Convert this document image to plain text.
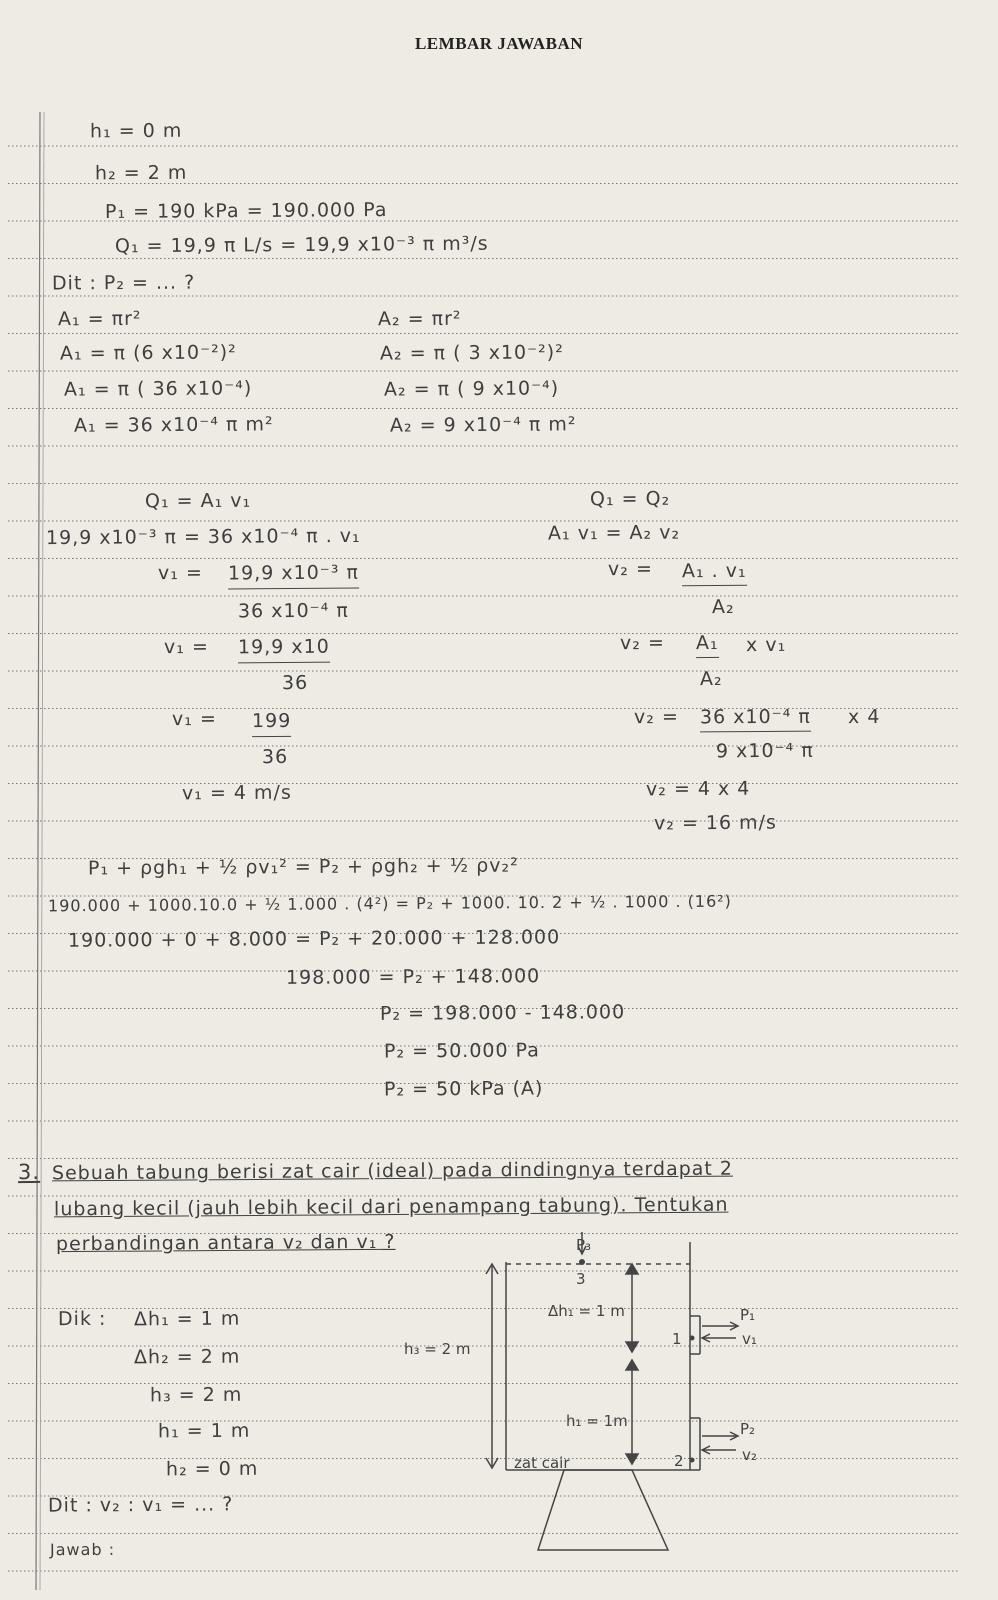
LEMBAR JAWABAN
h₁ = 0 m
h₂ = 2 m
P₁ = 190 kPa = 190.000 Pa
Q₁ = 19,9 π L/s = 19,9 x10⁻³ π m³/s
Dit : P₂ = ... ?
A₁ = πr²
A₁ = π (6 x10⁻²)²
A₁ = π ( 36 x10⁻⁴)
A₁ = 36 x10⁻⁴ π m²
A₂ = πr²
A₂ = π ( 3 x10⁻²)²
A₂ = π ( 9 x10⁻⁴)
A₂ = 9 x10⁻⁴ π m²
Q₁ = A₁ v₁
19,9 x10⁻³ π = 36 x10⁻⁴ π . v₁
v₁ = 19,9 x10⁻³ π
36 x10⁻⁴ π
v₁ = 19,9 x10
36
v₁ = 199
36
v₁ = 4 m/s
Q₁ = Q₂
A₁ v₁ = A₂ v₂
v₂ = A₁ . v₁
A₂
v₂ = A₁ x v₁
A₂
v₂ = 36 x10⁻⁴ π x 4
9 x10⁻⁴ π
v₂ = 4 x 4
v₂ = 16 m/s
P₁ + ρgh₁ + ½ ρv₁² = P₂ + ρgh₂ + ½ ρv₂²
190.000 + 1000.10.0 + ½ 1.000 . (4²) = P₂ + 1000. 10. 2 + ½ . 1000 . (16²)
190.000 + 0 + 8.000 = P₂ + 20.000 + 128.000
198.000 = P₂ + 148.000
P₂ = 198.000 - 148.000
P₂ = 50.000 Pa
P₂ = 50 kPa (A)
3. Sebuah tabung berisi zat cair (ideal) pada dindingnya terdapat 2
lubang kecil (jauh lebih kecil dari penampang tabung). Tentukan
perbandingan antara v₂ dan v₁ ?
Dik : Δh₁ = 1 m
Δh₂ = 2 m
h₃ = 2 m
h₁ = 1 m
h₂ = 0 m
Dit : v₂ : v₁ = ... ?
Jawab :
P₃
3
Δh₁ = 1 m
h₃ = 2 m
h₁ = 1m
zat cair
P₁
v₁
1
P₂
v₂
2
